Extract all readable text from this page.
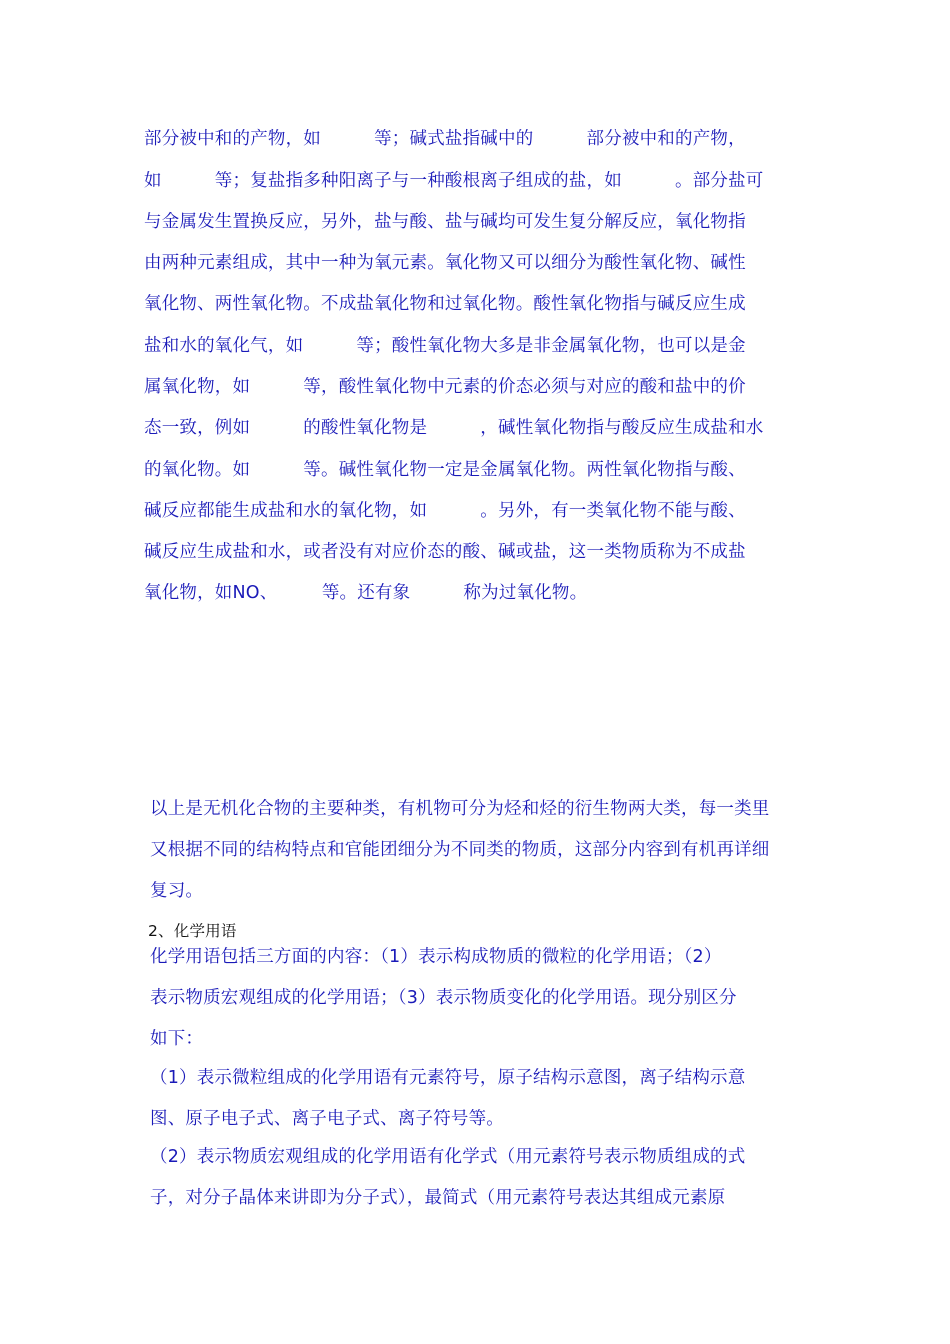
部分被中和的产物，如　　　等；碱式盐指碱中的　　　部分被中和的产物，
如　　　等；复盐指多种阳离子与一种酸根离子组成的盐，如　　　。部分盐可
与金属发生置换反应，另外，盐与酸、盐与碱均可发生复分解反应，氧化物指
由两种元素组成，其中一种为氧元素。氧化物又可以细分为酸性氧化物、碱性
氧化物、两性氧化物。不成盐氧化物和过氧化物。酸性氧化物指与碱反应生成
盐和水的氧化气，如　　　等；酸性氧化物大多是非金属氧化物，也可以是金
属氧化物，如　　　等，酸性氧化物中元素的价态必须与对应的酸和盐中的价
态一致，例如　　　的酸性氧化物是　　　，碱性氧化物指与酸反应生成盐和水
的氧化物。如　　　等。碱性氧化物一定是金属氧化物。两性氧化物指与酸、
碱反应都能生成盐和水的氧化物，如　　　。另外，有一类氧化物不能与酸、
碱反应生成盐和水，或者没有对应价态的酸、碱或盐，这一类物质称为不成盐
氧化物，如NO、　　　等。还有象　　　称为过氧化物。
以上是无机化合物的主要种类，有机物可分为烃和烃的衍生物两大类，每一类里
又根据不同的结构特点和官能团细分为不同类的物质，这部分内容到有机再详细
复习。
2、化学用语
化学用语包括三方面的内容：（1）表示构成物质的微粒的化学用语；（2）
表示物质宏观组成的化学用语；（3）表示物质变化的化学用语。现分别区分
如下：
（1）表示微粒组成的化学用语有元素符号，原子结构示意图，离子结构示意
图、原子电子式、离子电子式、离子符号等。
（2）表示物质宏观组成的化学用语有化学式（用元素符号表示物质组成的式
子，对分子晶体来讲即为分子式），最简式（用元素符号表达其组成元素原
